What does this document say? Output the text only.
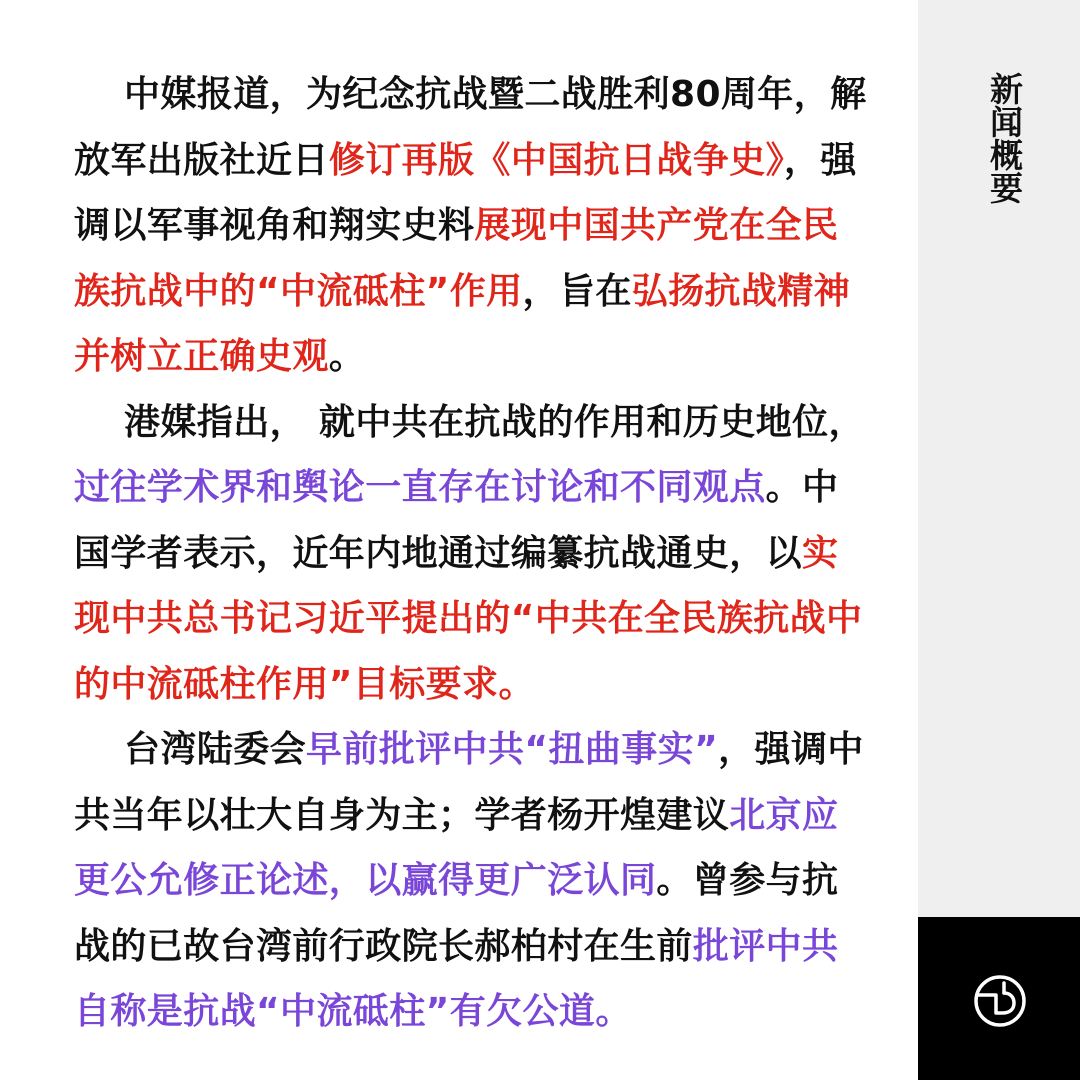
中媒报道，为纪念抗战暨二战胜利80周年，解放军出版社近日修订再版《中国抗日战争史》，强调以军事视角和翔实史料展现中国共产党在全民族抗战中的“中流砥柱”作用，旨在弘扬抗战精神并树立正确史观。

港媒指出， 就中共在抗战的作用和历史地位，过往学术界和舆论一直存在讨论和不同观点。中国学者表示，近年内地通过编纂抗战通史，以实现中共总书记习近平提出的“中共在全民族抗战中的中流砥柱作用”目标要求。

台湾陆委会早前批评中共“扭曲事实”，强调中共当年以壮大自身为主；学者杨开煌建议北京应更公允修正论述，以赢得更广泛认同。曾参与抗战的已故台湾前行政院长郝柏村在生前批评中共自称是抗战“中流砥柱”有欠公道。

新闻概要
